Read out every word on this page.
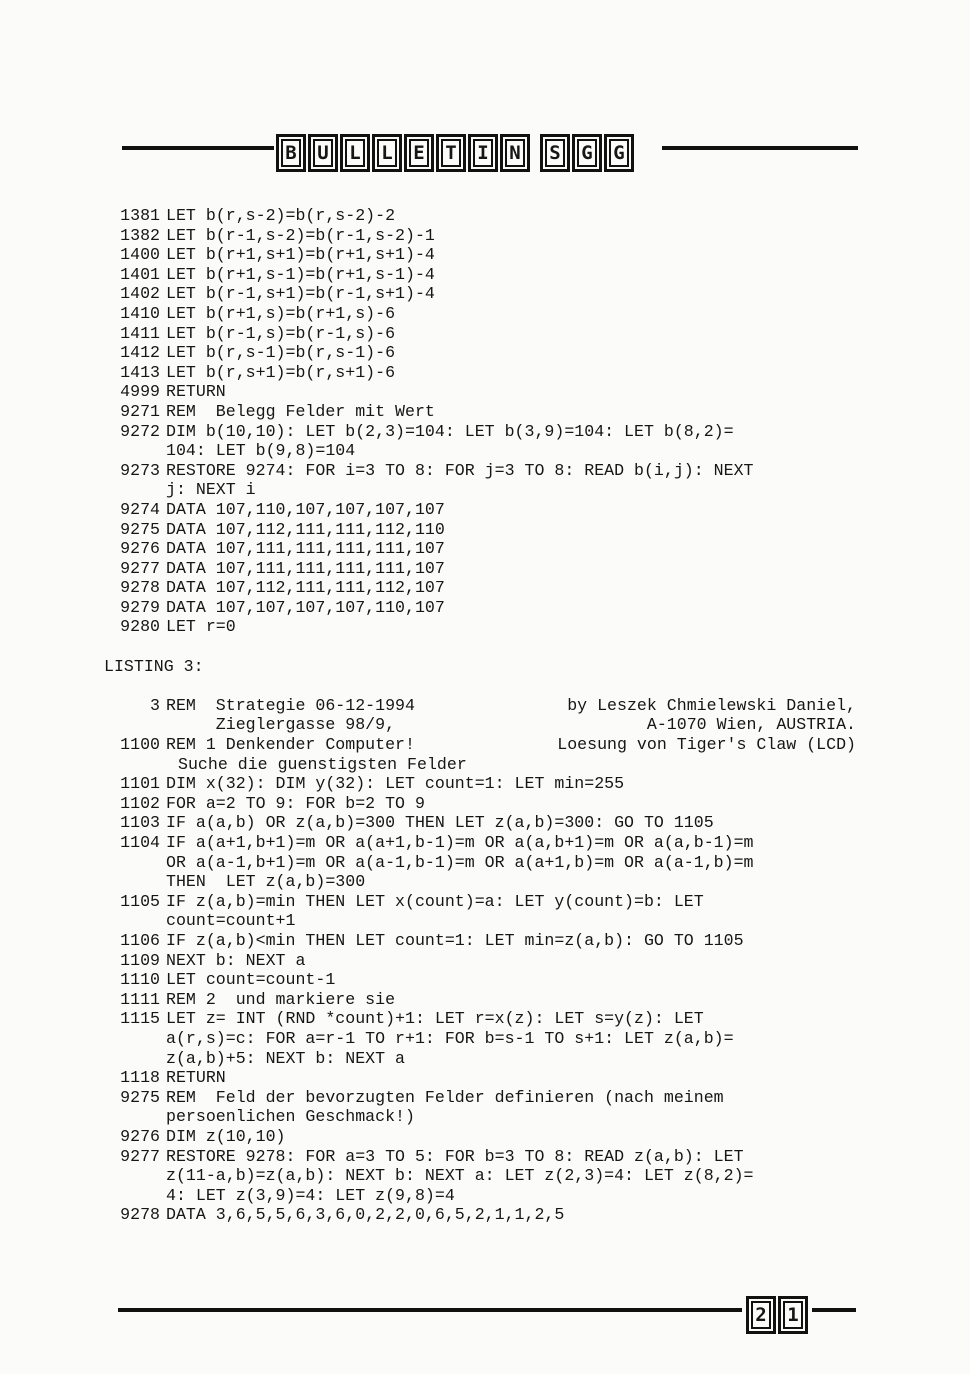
B U L L E T I N S G G
1381 LET b(r,s-2)=b(r,s-2)-2
1382 LET b(r-1,s-2)=b(r-1,s-2)-1
1400 LET b(r+1,s+1)=b(r+1,s+1)-4
1401 LET b(r+1,s-1)=b(r+1,s-1)-4
1402 LET b(r-1,s+1)=b(r-1,s+1)-4
1410 LET b(r+1,s)=b(r+1,s)-6
1411 LET b(r-1,s)=b(r-1,s)-6
1412 LET b(r,s-1)=b(r,s-1)-6
1413 LET b(r,s+1)=b(r,s+1)-6
4999 RETURN
9271 REM  Belegg Felder mit Wert
9272 DIM b(10,10): LET b(2,3)=104: LET b(3,9)=104: LET b(8,2)=
104: LET b(9,8)=104
9273 RESTORE 9274: FOR i=3 TO 8: FOR j=3 TO 8: READ b(i,j): NEXT
j: NEXT i
9274 DATA 107,110,107,107,107,107
9275 DATA 107,112,111,111,112,110
9276 DATA 107,111,111,111,111,107
9277 DATA 107,111,111,111,111,107
9278 DATA 107,112,111,111,112,107
9279 DATA 107,107,107,107,110,107
9280 LET r=0
LISTING 3:
3 REM  Strategie 06-12-1994	by Leszek Chmielewski Daniel,
Zieglergasse 98/9,	A-1070 Wien, AUSTRIA.
1100 REM 1 Denkender Computer!	Loesung von Tiger's Claw (LCD)
Suche die guenstigsten Felder
1101 DIM x(32): DIM y(32): LET count=1: LET min=255
1102 FOR a=2 TO 9: FOR b=2 TO 9
1103 IF a(a,b) OR z(a,b)=300 THEN LET z(a,b)=300: GO TO 1105
1104 IF a(a+1,b+1)=m OR a(a+1,b-1)=m OR a(a,b+1)=m OR a(a,b-1)=m
OR a(a-1,b+1)=m OR a(a-1,b-1)=m OR a(a+1,b)=m OR a(a-1,b)=m
THEN  LET z(a,b)=300
1105 IF z(a,b)=min THEN LET x(count)=a: LET y(count)=b: LET
count=count+1
1106 IF z(a,b)<min THEN LET count=1: LET min=z(a,b): GO TO 1105
1109 NEXT b: NEXT a
1110 LET count=count-1
1111 REM 2  und markiere sie
1115 LET z= INT (RND *count)+1: LET r=x(z): LET s=y(z): LET
a(r,s)=c: FOR a=r-1 TO r+1: FOR b=s-1 TO s+1: LET z(a,b)=
z(a,b)+5: NEXT b: NEXT a
1118 RETURN
9275 REM  Feld der bevorzugten Felder definieren (nach meinem
persoenlichen Geschmack!)
9276 DIM z(10,10)
9277 RESTORE 9278: FOR a=3 TO 5: FOR b=3 TO 8: READ z(a,b): LET
z(11-a,b)=z(a,b): NEXT b: NEXT a: LET z(2,3)=4: LET z(8,2)=
4: LET z(3,9)=4: LET z(9,8)=4
9278 DATA 3,6,5,5,6,3,6,0,2,2,0,6,5,2,1,1,2,5
2 1
